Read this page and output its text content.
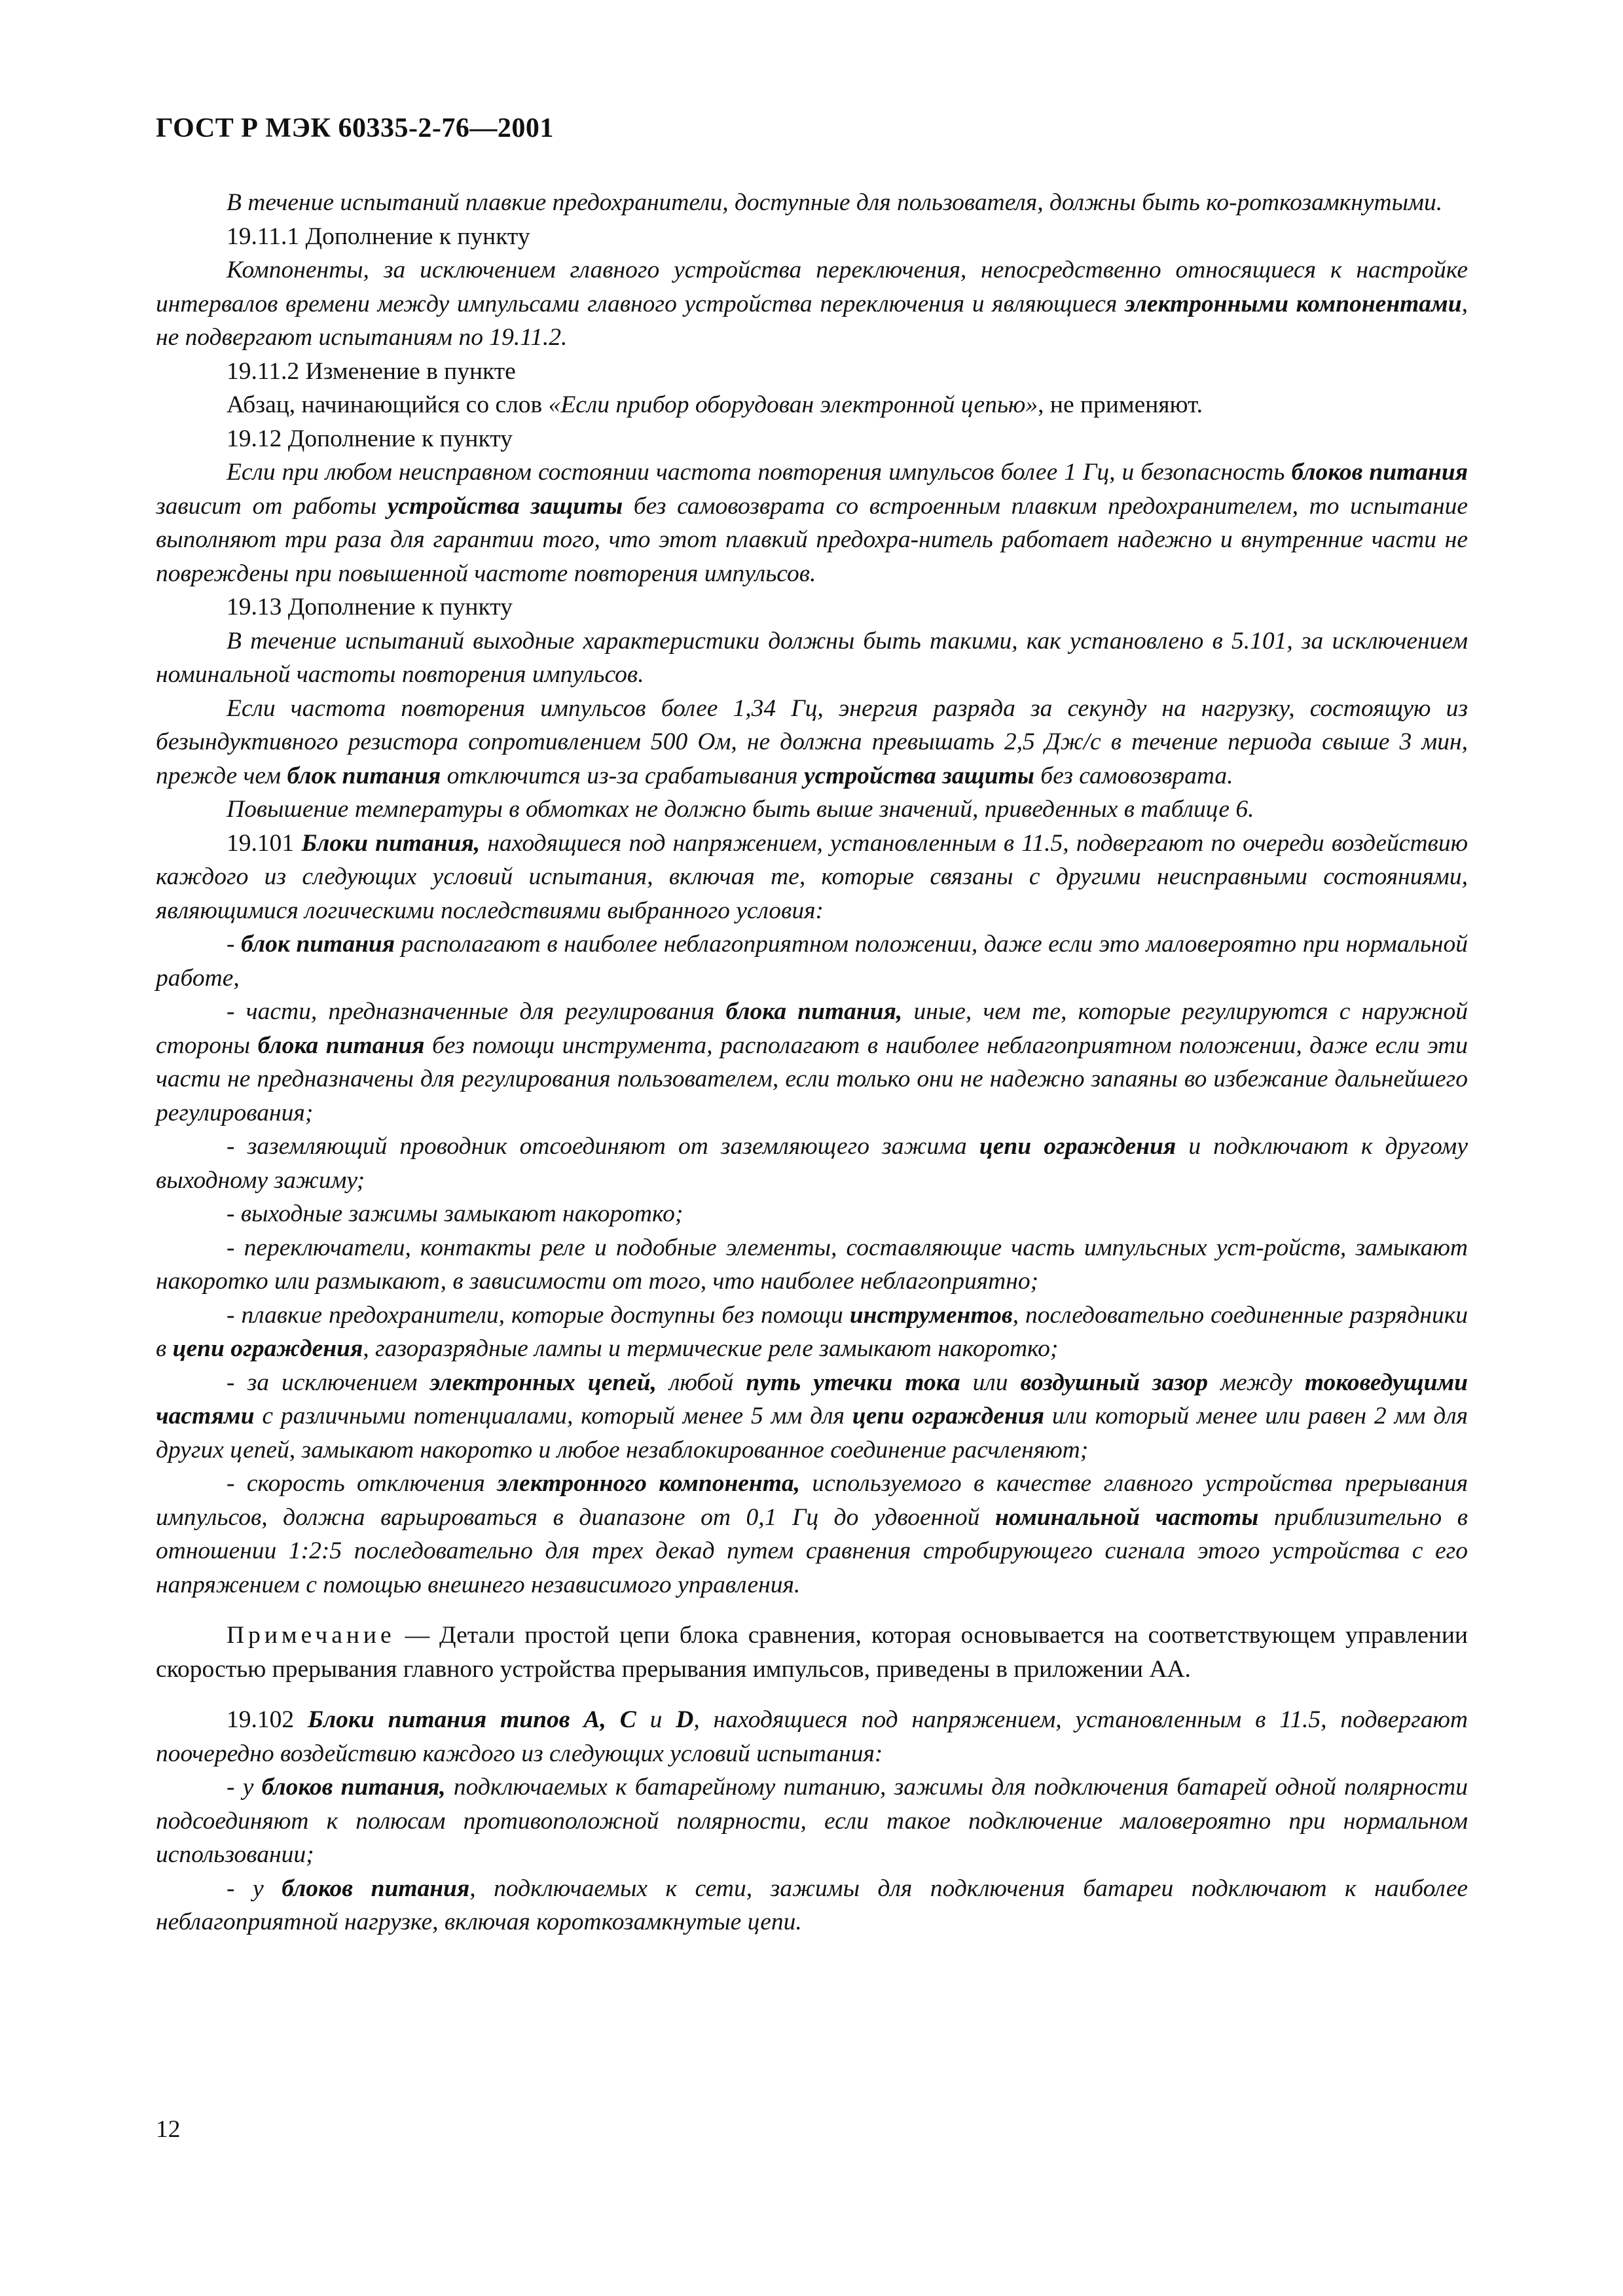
ГОСТ Р МЭК 60335-2-76—2001
В течение испытаний плавкие предохранители, доступные для пользователя, должны быть ко-роткозамкнутыми.
19.11.1 Дополнение к пункту
Компоненты, за исключением главного устройства переключения, непосредственно относящиеся к настройке интервалов времени между импульсами главного устройства переключения и являющиеся электронными компонентами, не подвергают испытаниям по 19.11.2.
19.11.2 Изменение в пункте
Абзац, начинающийся со слов «Если прибор оборудован электронной цепью», не применяют.
19.12 Дополнение к пункту
Если при любом неисправном состоянии частота повторения импульсов более 1 Гц, и безопасность блоков питания зависит от работы устройства защиты без самовозврата со встроенным плавким предохранителем, то испытание выполняют три раза для гарантии того, что этот плавкий предохра-нитель работает надежно и внутренние части не повреждены при повышенной частоте повторения импульсов.
19.13 Дополнение к пункту
В течение испытаний выходные характеристики должны быть такими, как установлено в 5.101, за исключением номинальной частоты повторения импульсов.
Если частота повторения импульсов более 1,34 Гц, энергия разряда за секунду на нагрузку, состоящую из безындуктивного резистора сопротивлением 500 Ом, не должна превышать 2,5 Дж/с в течение периода свыше 3 мин, прежде чем блок питания отключится из-за срабатывания устройства защиты без самовозврата.
Повышение температуры в обмотках не должно быть выше значений, приведенных в таблице 6.
19.101 Блоки питания, находящиеся под напряжением, установленным в 11.5, подвергают по очереди воздействию каждого из следующих условий испытания, включая те, которые связаны с другими неисправными состояниями, являющимися логическими последствиями выбранного условия:
- блок питания располагают в наиболее неблагоприятном положении, даже если это маловероятно при нормальной работе,
- части, предназначенные для регулирования блока питания, иные, чем те, которые регулируются с наружной стороны блока питания без помощи инструмента, располагают в наиболее неблагоприятном положении, даже если эти части не предназначены для регулирования пользователем, если только они не надежно запаяны во избежание дальнейшего регулирования;
- заземляющий проводник отсоединяют от заземляющего зажима цепи ограждения и подключают к другому выходному зажиму;
- выходные зажимы замыкают накоротко;
- переключатели, контакты реле и подобные элементы, составляющие часть импульсных уст-ройств, замыкают накоротко или размыкают, в зависимости от того, что наиболее неблагоприятно;
- плавкие предохранители, которые доступны без помощи инструментов, последовательно соединенные разрядники в цепи ограждения, газоразрядные лампы и термические реле замыкают накоротко;
- за исключением электронных цепей, любой путь утечки тока или воздушный зазор между токоведущими частями с различными потенциалами, который менее 5 мм для цепи ограждения или который менее или равен 2 мм для других цепей, замыкают накоротко и любое незаблокированное соединение расчленяют;
- скорость отключения электронного компонента, используемого в качестве главного устройства прерывания импульсов, должна варьироваться в диапазоне от 0,1 Гц до удвоенной номинальной частоты приблизительно в отношении 1:2:5 последовательно для трех декад путем сравнения стробирующего сигнала этого устройства с его напряжением с помощью внешнего независимого управления.
Примечание — Детали простой цепи блока сравнения, которая основывается на соответствующем управлении скоростью прерывания главного устройства прерывания импульсов, приведены в приложении АА.
19.102 Блоки питания типов A, C и D, находящиеся под напряжением, установленным в 11.5, подвергают поочередно воздействию каждого из следующих условий испытания:
- у блоков питания, подключаемых к батарейному питанию, зажимы для подключения батарей одной полярности подсоединяют к полюсам противоположной полярности, если такое подключение маловероятно при нормальном использовании;
- у блоков питания, подключаемых к сети, зажимы для подключения батареи подключают к наиболее неблагоприятной нагрузке, включая короткозамкнутые цепи.
12
